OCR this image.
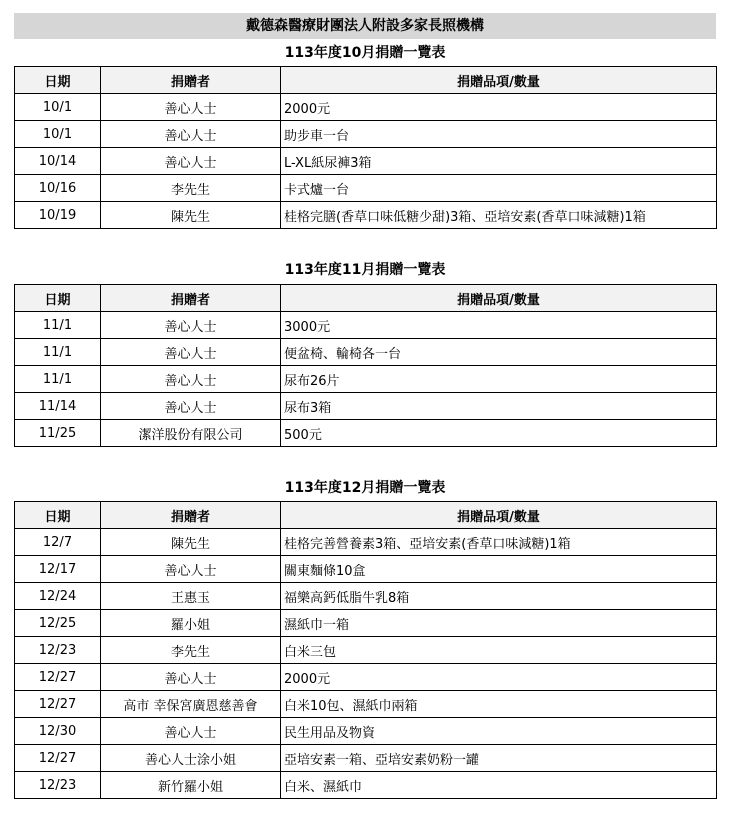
戴德森醫療財團法人附設多家長照機構
113年度10月捐贈一覽表
日期	捐贈者	捐贈品項/數量
10/1	善心人士	2000元
10/1	善心人士	助步車一台
10/14	善心人士	L-XL紙尿褲3箱
10/16	李先生	卡式爐一台
10/19	陳先生	桂格完膳(香草口味低糖少甜)3箱、亞培安素(香草口味減糖)1箱
113年度11月捐贈一覽表
日期	捐贈者	捐贈品項/數量
11/1	善心人士	3000元
11/1	善心人士	便盆椅、輪椅各一台
11/1	善心人士	尿布26片
11/14	善心人士	尿布3箱
11/25	潔洋股份有限公司	500元
113年度12月捐贈一覽表
日期	捐贈者	捐贈品項/數量
12/7	陳先生	桂格完善營養素3箱、亞培安素(香草口味減糖)1箱
12/17	善心人士	關東麵條10盒
12/24	王惠玉	福樂高鈣低脂牛乳8箱
12/25	羅小姐	濕紙巾一箱
12/23	李先生	白米三包
12/27	善心人士	2000元
12/27	高市 幸保宮廣恩慈善會	白米10包、濕紙巾兩箱
12/30	善心人士	民生用品及物資
12/27	善心人士涂小姐	亞培安素一箱、亞培安素奶粉一罐
12/23	新竹羅小姐	白米、濕紙巾
